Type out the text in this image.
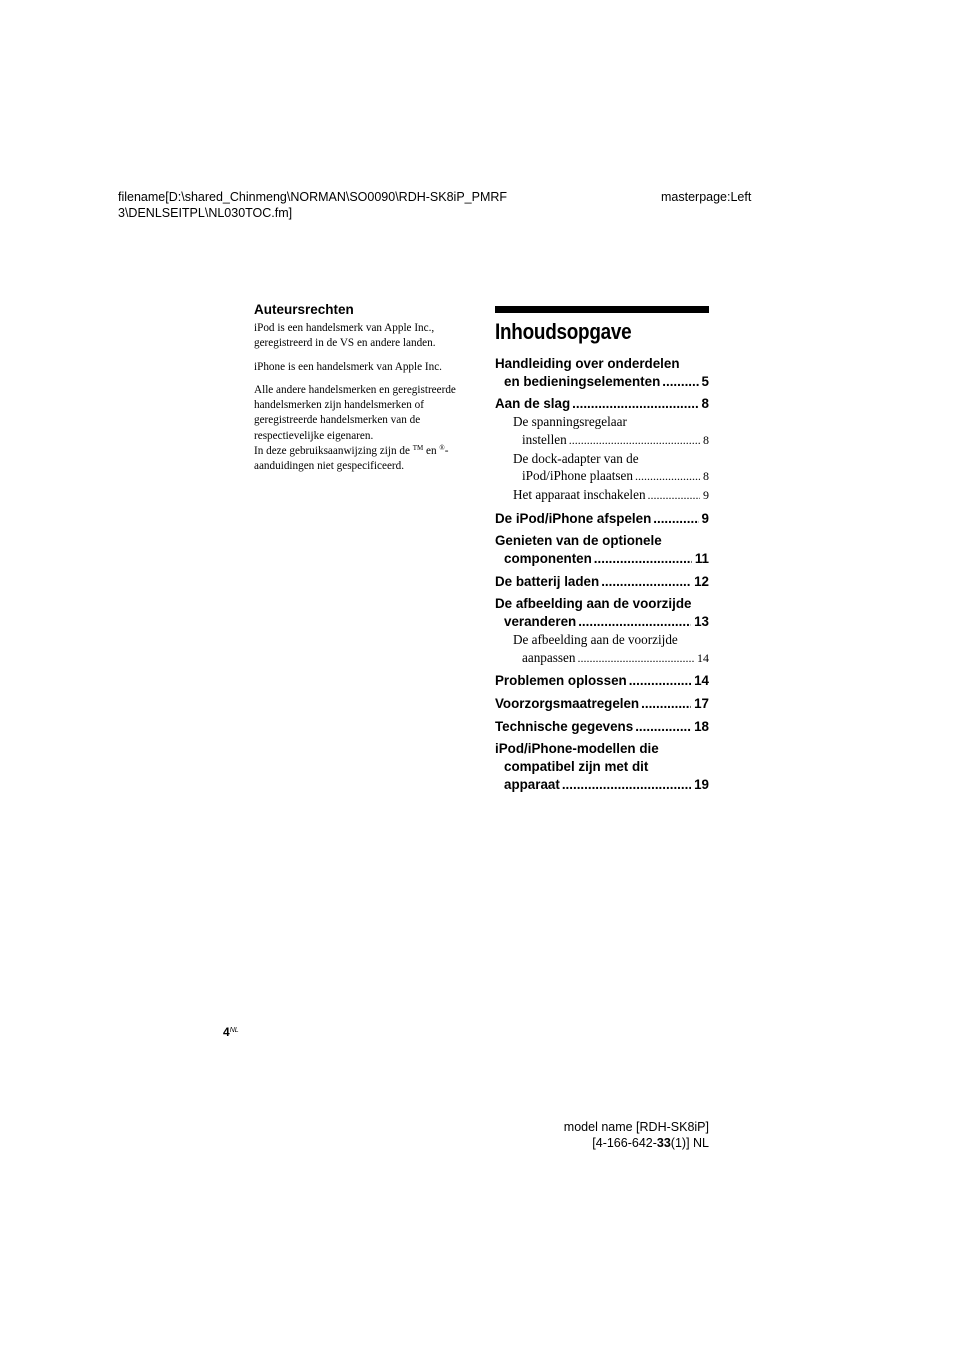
filename[D:\shared_Chinmeng\NORMAN\SO0090\RDH-SK8iP_PMRF
3\DENLSEITPL\NL030TOC.fm]
masterpage:Left
Auteursrechten

iPod is een handelsmerk van Apple Inc., geregistreerd in de VS en andere landen.

iPhone is een handelsmerk van Apple Inc.

Alle andere handelsmerken en geregistreerde handelsmerken zijn handelsmerken of geregistreerde handelsmerken van de respectievelijke eigenaren.

In deze gebruiksaanwijzing zijn de ™ en ®-aanduidingen niet gespecificeerd.

Inhoudsopgave
Handleiding over onderdelen
en bedieningselementen .....	5
Aan de slag .....	8
De spanningsregelaar
instellen .....	8
De dock-adapter van de
iPod/iPhone plaatsen .....	8
Het apparaat inschakelen .....	9
De iPod/iPhone afspelen .....	9
Genieten van de optionele
componenten .....	11
De batterij laden .....	12
De afbeelding aan de voorzijde
veranderen .....	13
De afbeelding aan de voorzijde
aanpassen .....	14
Problemen oplossen .....	14
Voorzorgsmaatregelen .....	17
Technische gegevens .....	18
iPod/iPhone-modellen die
compatibel zijn met dit
apparaat .....	19
$4^{NL}$
model name [RDH-SK8iP]
[4-166-642-33(1)] NL
